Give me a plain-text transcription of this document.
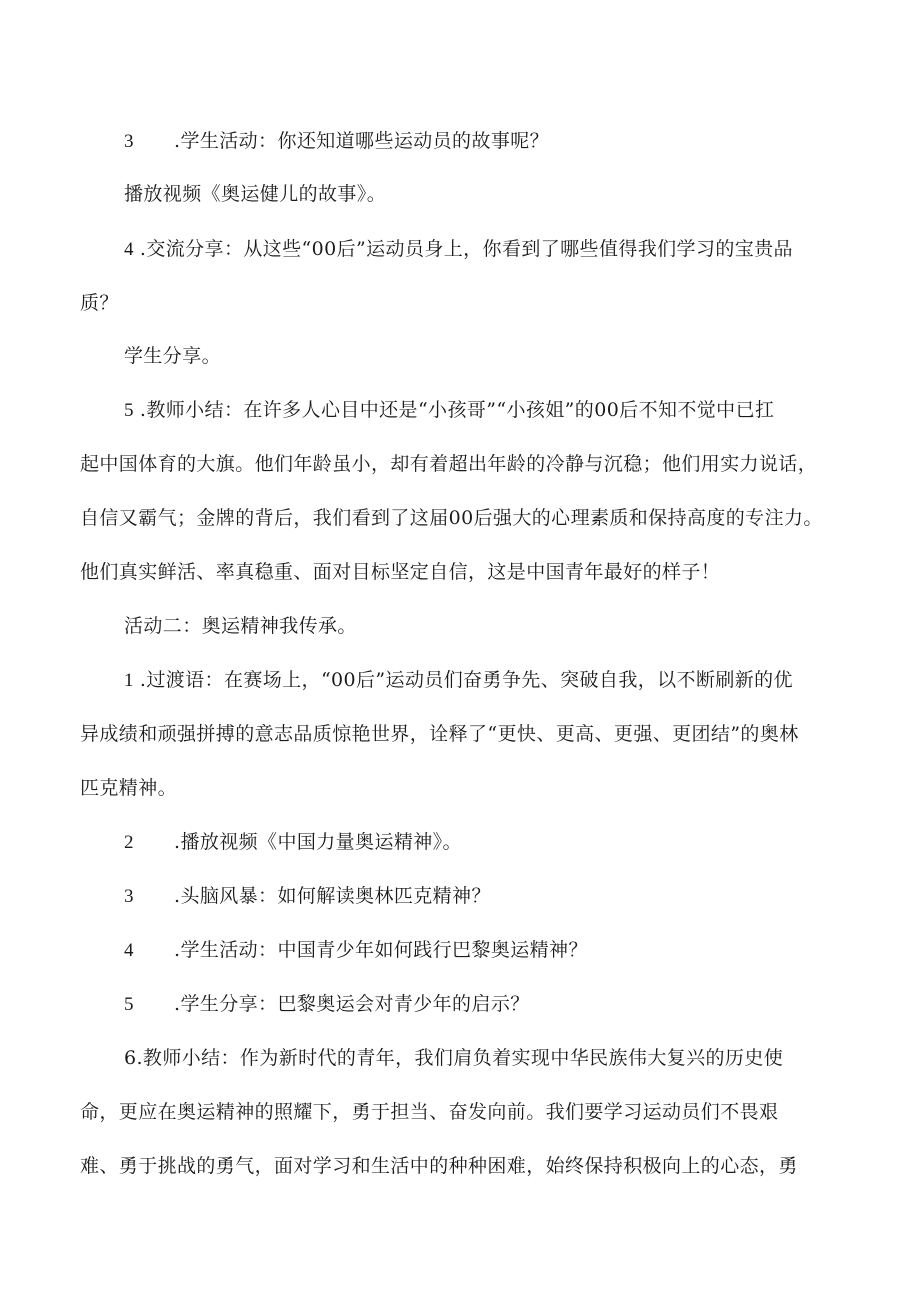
3 .学生活动：你还知道哪些运动员的故事呢？
播放视频《奥运健儿的故事》。
4 .交流分享：从这些“00后”运动员身上，你看到了哪些值得我们学习的宝贵品
质？
学生分享。
5 .教师小结：在许多人心目中还是“小孩哥”“小孩姐”的00后不知不觉中已扛
起中国体育的大旗。他们年龄虽小，却有着超出年龄的冷静与沉稳；他们用实力说话，
自信又霸气；金牌的背后，我们看到了这届00后强大的心理素质和保持高度的专注力。
他们真实鲜活、率真稳重、面对目标坚定自信，这是中国青年最好的样子！
活动二：奥运精神我传承。
1 .过渡语：在赛场上，“00后”运动员们奋勇争先、突破自我，以不断刷新的优
异成绩和顽强拼搏的意志品质惊艳世界，诠释了“更快、更高、更强、更团结”的奥林
匹克精神。
2 .播放视频《中国力量奥运精神》。
3 .头脑风暴：如何解读奥林匹克精神？
4 .学生活动：中国青少年如何践行巴黎奥运精神？
5 .学生分享：巴黎奥运会对青少年的启示？
6.教师小结：作为新时代的青年，我们肩负着实现中华民族伟大复兴的历史使
命，更应在奥运精神的照耀下，勇于担当、奋发向前。我们要学习运动员们不畏艰
难、勇于挑战的勇气，面对学习和生活中的种种困难，始终保持积极向上的心态，勇
